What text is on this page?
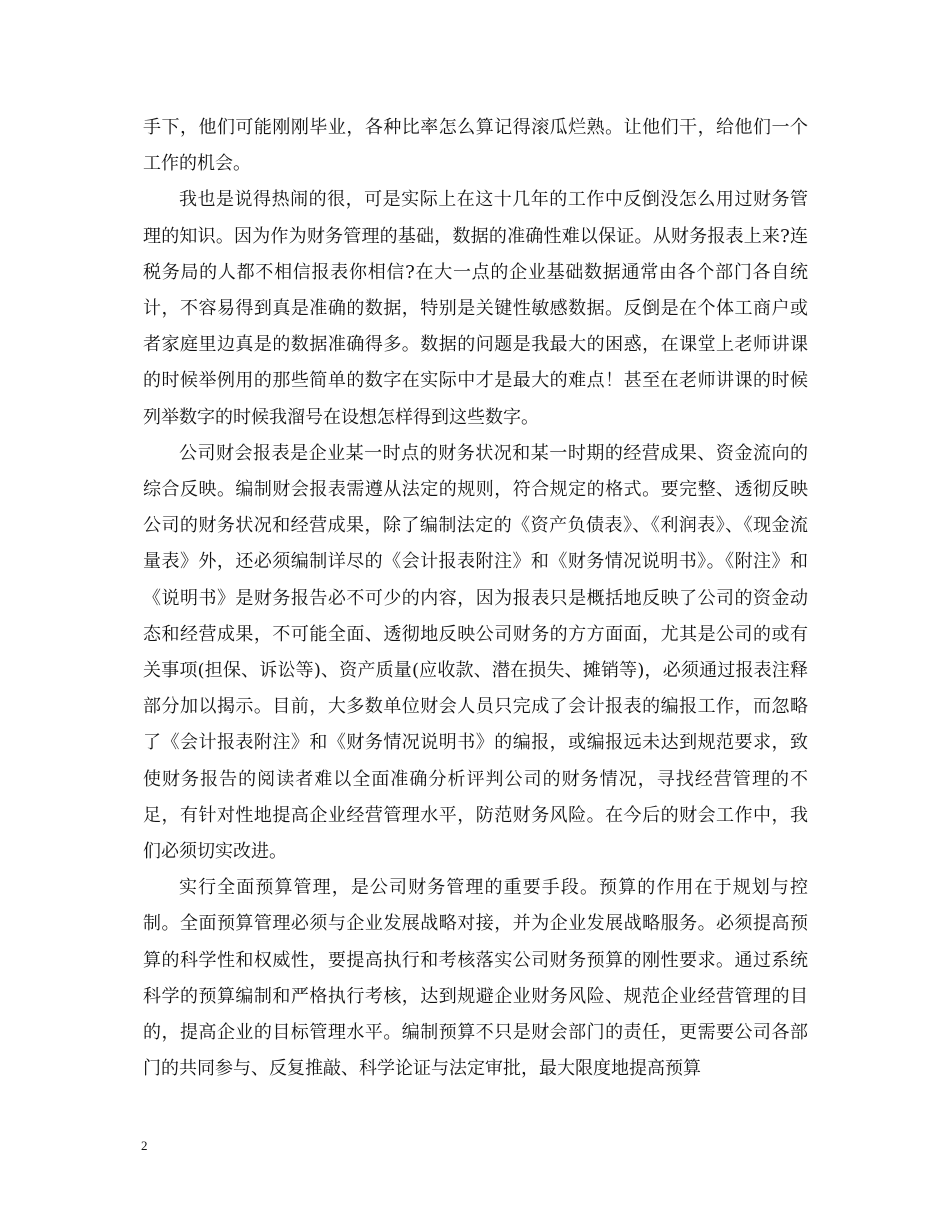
手下，他们可能刚刚毕业，各种比率怎么算记得滚瓜烂熟。让他们干，给他们一个工作的机会。

我也是说得热闹的很，可是实际上在这十几年的工作中反倒没怎么用过财务管理的知识。因为作为财务管理的基础，数据的准确性难以保证。从财务报表上来?连税务局的人都不相信报表你相信?在大一点的企业基础数据通常由各个部门各自统计，不容易得到真是准确的数据，特别是关键性敏感数据。反倒是在个体工商户或者家庭里边真是的数据准确得多。数据的问题是我最大的困惑，在课堂上老师讲课的时候举例用的那些简单的数字在实际中才是最大的难点！甚至在老师讲课的时候列举数字的时候我溜号在设想怎样得到这些数字。

公司财会报表是企业某一时点的财务状况和某一时期的经营成果、资金流向的综合反映。编制财会报表需遵从法定的规则，符合规定的格式。要完整、透彻反映公司的财务状况和经营成果，除了编制法定的《资产负债表》、《利润表》、《现金流量表》外，还必须编制详尽的《会计报表附注》和《财务情况说明书》。《附注》和《说明书》是财务报告必不可少的内容，因为报表只是概括地反映了公司的资金动态和经营成果，不可能全面、透彻地反映公司财务的方方面面，尤其是公司的或有关事项(担保、诉讼等)、资产质量(应收款、潜在损失、摊销等)，必须通过报表注释部分加以揭示。目前，大多数单位财会人员只完成了会计报表的编报工作，而忽略了《会计报表附注》和《财务情况说明书》的编报，或编报远未达到规范要求，致使财务报告的阅读者难以全面准确分析评判公司的财务情况，寻找经营管理的不足，有针对性地提高企业经营管理水平，防范财务风险。在今后的财会工作中，我们必须切实改进。

实行全面预算管理，是公司财务管理的重要手段。预算的作用在于规划与控制。全面预算管理必须与企业发展战略对接，并为企业发展战略服务。必须提高预算的科学性和权威性，要提高执行和考核落实公司财务预算的刚性要求。通过系统科学的预算编制和严格执行考核，达到规避企业财务风险、规范企业经营管理的目的，提高企业的目标管理水平。编制预算不只是财会部门的责任，更需要公司各部门的共同参与、反复推敲、科学论证与法定审批，最大限度地提高预算

2
